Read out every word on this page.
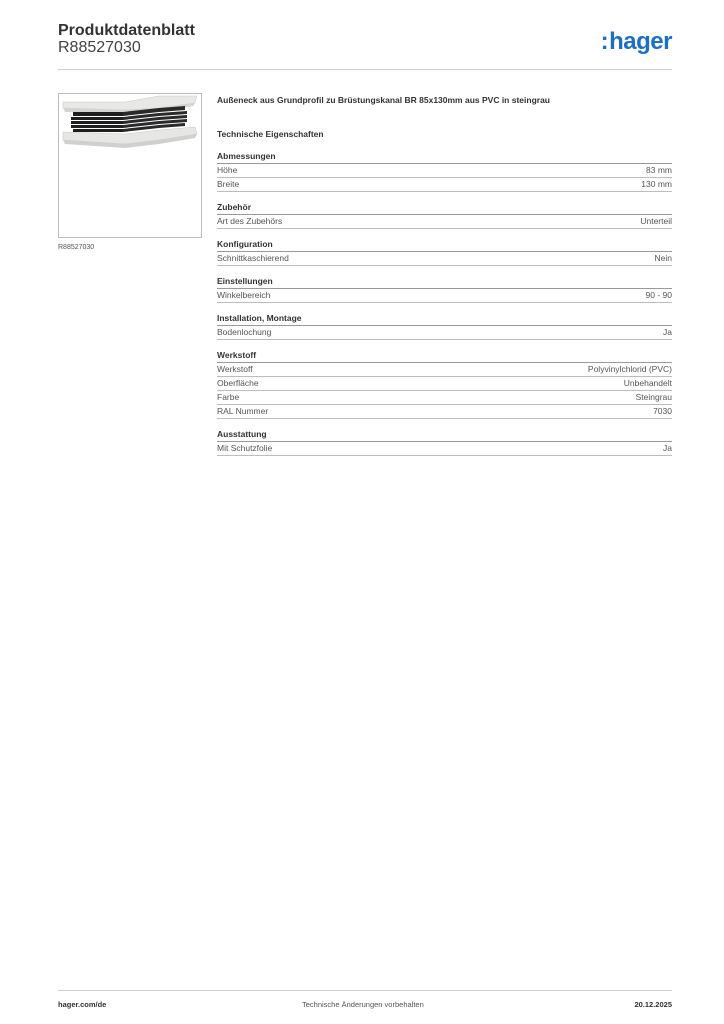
Produktdatenblatt
R88527030	:hager
R88527030
Außeneck aus Grundprofil zu Brüstungskanal BR 85x130mm aus PVC in steingrau
Technische Eigenschaften
Abmessungen
Höhe	83 mm
Breite	130 mm
Zubehör
Art des Zubehörs	Unterteil
Konfiguration
Schnittkaschierend	Nein
Einstellungen
Winkelbereich	90 - 90
Installation, Montage
Bodenlochung	Ja
Werkstoff
Werkstoff	Polyvinylchlorid (PVC)
Oberfläche	Unbehandelt
Farbe	Steingrau
RAL Nummer	7030
Ausstattung
Mit Schutzfolie	Ja
hager.com/de	Technische Änderungen vorbehalten	20.12.2025
